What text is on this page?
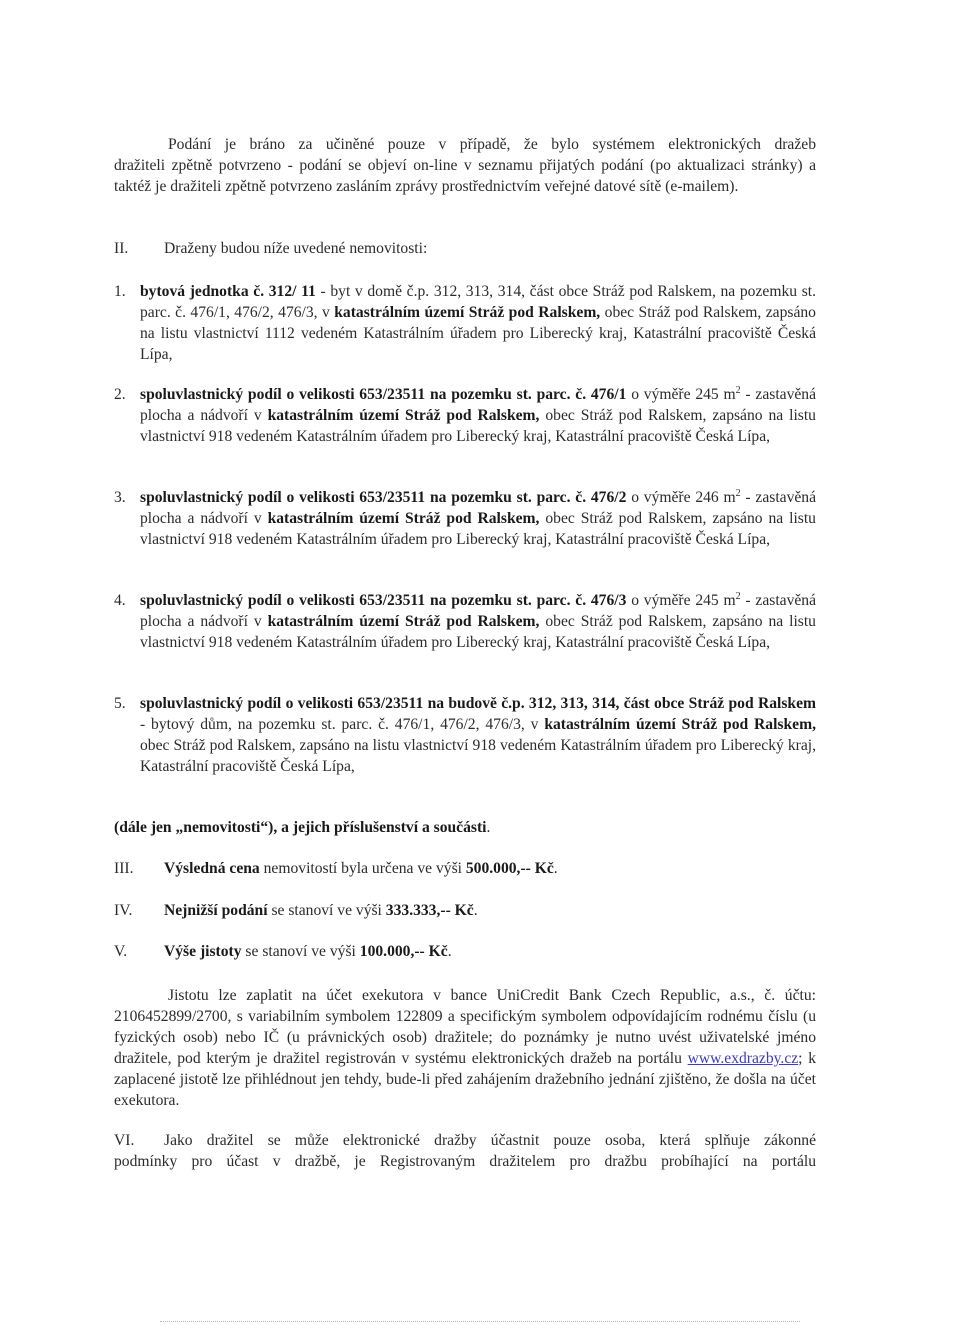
Podání je bráno za učiněné pouze v případě, že bylo systémem elektronických dražeb
dražiteli zpětně potvrzeno - podání se objeví on-line v seznamu přijatých podání (po aktualizaci stránky) a taktéž je dražiteli zpětně potvrzeno zasláním zprávy prostřednictvím veřejné datové sítě (e-mailem).
II.	Draženy budou níže uvedené nemovitosti:
1. bytová jednotka č. 312/ 11 - byt v domě č.p. 312, 313, 314, část obce Stráž pod Ralskem, na pozemku st. parc. č. 476/1, 476/2, 476/3, v katastrálním území Stráž pod Ralskem, obec Stráž pod Ralskem, zapsáno na listu vlastnictví 1112 vedeném Katastrálním úřadem pro Liberecký kraj, Katastrální pracoviště Česká Lípa,
2. spoluvlastnický podíl o velikosti 653/23511 na pozemku st. parc. č. 476/1 o výměře 245 $m^2$ - zastavěná plocha a nádvoří v katastrálním území Stráž pod Ralskem, obec Stráž pod Ralskem, zapsáno na listu vlastnictví 918 vedeném Katastrálním úřadem pro Liberecký kraj, Katastrální pracoviště Česká Lípa,
3. spoluvlastnický podíl o velikosti 653/23511 na pozemku st. parc. č. 476/2 o výměře 246 $m^2$ - zastavěná plocha a nádvoří v katastrálním území Stráž pod Ralskem, obec Stráž pod Ralskem, zapsáno na listu vlastnictví 918 vedeném Katastrálním úřadem pro Liberecký kraj, Katastrální pracoviště Česká Lípa,
4. spoluvlastnický podíl o velikosti 653/23511 na pozemku st. parc. č. 476/3 o výměře 245 $m^2$ - zastavěná plocha a nádvoří v katastrálním území Stráž pod Ralskem, obec Stráž pod Ralskem, zapsáno na listu vlastnictví 918 vedeném Katastrálním úřadem pro Liberecký kraj, Katastrální pracoviště Česká Lípa,
5. spoluvlastnický podíl o velikosti 653/23511 na budově č.p. 312, 313, 314, část obce Stráž pod Ralskem - bytový dům, na pozemku st. parc. č. 476/1, 476/2, 476/3, v katastrálním území Stráž pod Ralskem, obec Stráž pod Ralskem, zapsáno na listu vlastnictví 918 vedeném Katastrálním úřadem pro Liberecký kraj, Katastrální pracoviště Česká Lípa,
(dále jen „nemovitosti“), a jejich příslušenství a součásti.
III.	Výsledná cena nemovitostí byla určena ve výši 500.000,-- Kč.
IV.	Nejnižší podání se stanoví ve výši 333.333,-- Kč.
V.	Výše jistoty se stanoví ve výši 100.000,-- Kč.
Jistotu lze zaplatit na účet exekutora v bance UniCredit Bank Czech Republic, a.s., č. účtu: 2106452899/2700, s variabilním symbolem 122809 a specifickým symbolem odpovídajícím rodnému číslu (u fyzických osob) nebo IČ (u právnických osob) dražitele; do poznámky je nutno uvést uživatelské jméno dražitele, pod kterým je dražitel registrován v systému elektronických dražeb na portálu www.exdrazby.cz; k zaplacené jistotě lze přihlédnout jen tehdy, bude-li před zahájením dražebního jednání zjištěno, že došla na účet exekutora.
VI. Jako dražitel se může elektronické dražby účastnit pouze osoba, která splňuje zákonné
podmínky pro účast v dražbě, je Registrovaným dražitelem pro dražbu probíhající na portálu
